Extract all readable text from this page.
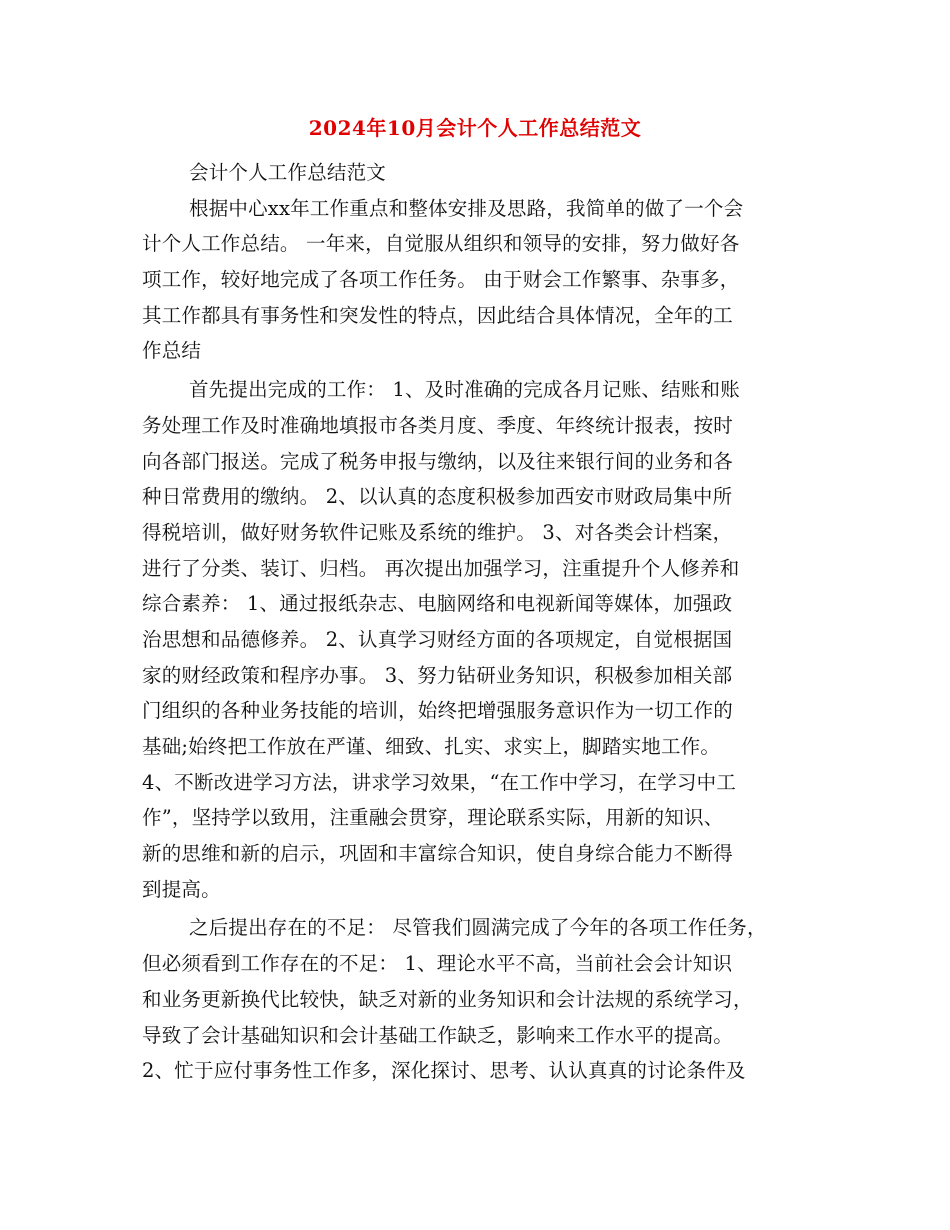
2024年10月会计个人工作总结范文
会计个人工作总结范文
根据中心xx年工作重点和整体安排及思路，我简单的做了一个会
计个人工作总结。 一年来，自觉服从组织和领导的安排，努力做好各
项工作，较好地完成了各项工作任务。 由于财会工作繁事、杂事多，
其工作都具有事务性和突发性的特点，因此结合具体情况，全年的工
作总结
首先提出完成的工作： 1、及时准确的完成各月记账、结账和账
务处理工作及时准确地填报市各类月度、季度、年终统计报表，按时
向各部门报送。完成了税务申报与缴纳，以及往来银行间的业务和各
种日常费用的缴纳。 2、以认真的态度积极参加西安市财政局集中所
得税培训，做好财务软件记账及系统的维护。 3、对各类会计档案，
进行了分类、装订、归档。 再次提出加强学习，注重提升个人修养和
综合素养： 1、通过报纸杂志、电脑网络和电视新闻等媒体，加强政
治思想和品德修养。 2、认真学习财经方面的各项规定，自觉根据国
家的财经政策和程序办事。 3、努力钻研业务知识，积极参加相关部
门组织的各种业务技能的培训，始终把增强服务意识作为一切工作的
基础;始终把工作放在严谨、细致、扎实、求实上，脚踏实地工作。
4、不断改进学习方法，讲求学习效果，“在工作中学习，在学习中工
作”，坚持学以致用，注重融会贯穿，理论联系实际，用新的知识、
新的思维和新的启示，巩固和丰富综合知识，使自身综合能力不断得
到提高。
之后提出存在的不足： 尽管我们圆满完成了今年的各项工作任务，
但必须看到工作存在的不足： 1、理论水平不高，当前社会会计知识
和业务更新换代比较快，缺乏对新的业务知识和会计法规的系统学习，
导致了会计基础知识和会计基础工作缺乏，影响来工作水平的提高。
2、忙于应付事务性工作多，深化探讨、思考、认认真真的讨论条件及
